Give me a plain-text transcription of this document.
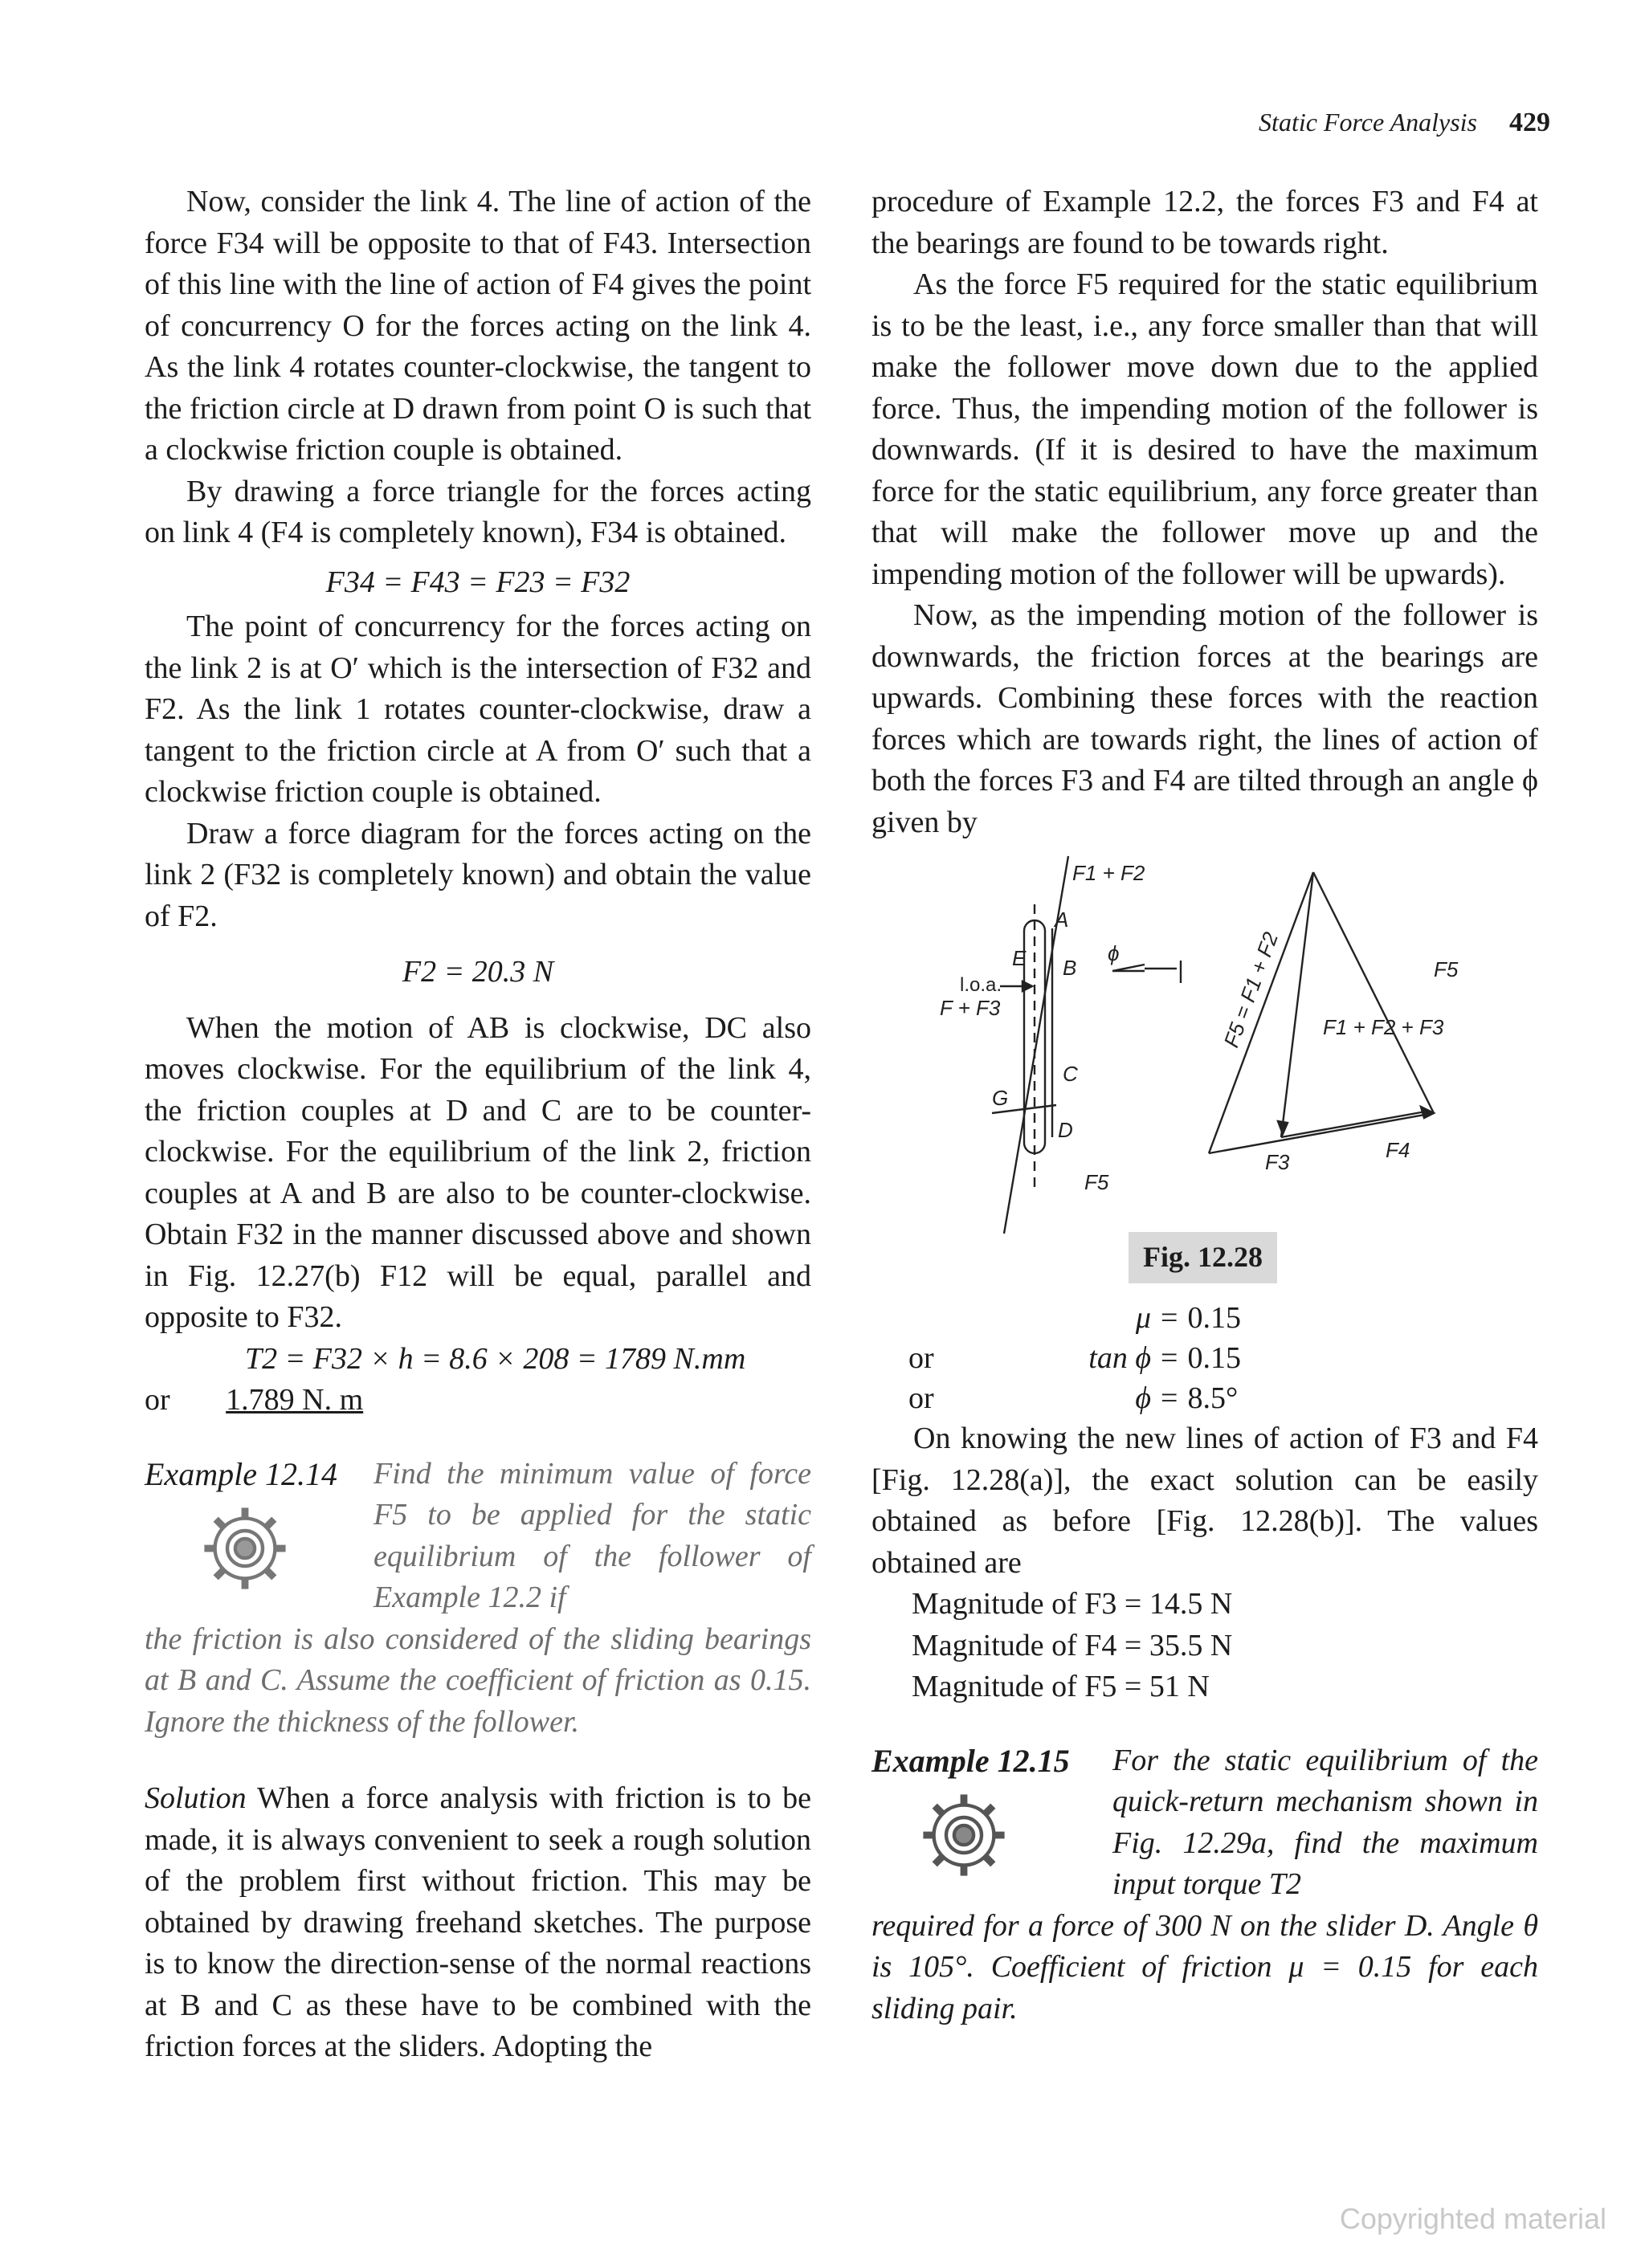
Static Force Analysis 429

Now, consider the link 4. The line of action of the force F34 will be opposite to that of F43. Intersection of this line with the line of action of F4 gives the point of concurrency O for the forces acting on the link 4. As the link 4 rotates counter-clockwise, the tangent to the friction circle at D drawn from point O is such that a clockwise friction couple is obtained.

By drawing a force triangle for the forces acting on link 4 (F4 is completely known), F34 is obtained.

F34 = F43 = F23 = F32

The point of concurrency for the forces acting on the link 2 is at O′ which is the intersection of F32 and F2. As the link 1 rotates counter-clockwise, draw a tangent to the friction circle at A from O′ such that a clockwise friction couple is obtained.

Draw a force diagram for the forces acting on the link 2 (F32 is completely known) and obtain the value of F2.

F2 = 20.3 N

When the motion of AB is clockwise, DC also moves clockwise. For the equilibrium of the link 4, the friction couples at D and C are to be counter-clockwise. For the equilibrium of the link 2, friction couples at A and B are also to be counter-clockwise. Obtain F32 in the manner discussed above and shown in Fig. 12.27(b) F12 will be equal, parallel and opposite to F32.

T2 = F32 × h = 8.6 × 208 = 1789 N.mm

or 1.789 N. m

Example 12.14	Find the minimum value of force F5 to be applied for the static equilibrium of the follower of Example 12.2 if

the friction is also considered of the sliding bearings at B and C. Assume the coefficient of friction as 0.15. Ignore the thickness of the follower.

Solution When a force analysis with friction is to be made, it is always convenient to seek a rough solution of the problem first without friction. This may be obtained by drawing freehand sketches. The purpose is to know the direction-sense of the normal reactions at B and C as these have to be combined with the friction forces at the sliders. Adopting the

procedure of Example 12.2, the forces F3 and F4 at the bearings are found to be towards right.

As the force F5 required for the static equilibrium is to be the least, i.e., any force smaller than that will make the follower move down due to the applied force. Thus, the impending motion of the follower is downwards. (If it is desired to have the maximum force for the static equilibrium, any force greater than that will make the follower move up and the impending motion of the follower will be upwards).

Now, as the impending motion of the follower is downwards, the friction forces at the bearings are upwards. Combining these forces with the reaction forces which are towards right, the lines of action of both the forces F3 and F4 are tilted through an angle ϕ given by

F1 + F2
A
B
C
D
E
G
l.o.a.
F + F3
F5
ϕ	F5 = F1 + F2	F5
F1 + F2 + F3
F3	F4
Fig. 12.28
	μ	=	0.15
or	tan ϕ	=	0.15
or	ϕ	=	8.5°

On knowing the new lines of action of F3 and F4 [Fig. 12.28(a)], the exact solution can be easily obtained as before [Fig. 12.28(b)]. The values obtained are

Magnitude of F3 = 14.5 N

Magnitude of F4 = 35.5 N

Magnitude of F5 = 51 N

Example 12.15	For the static equilibrium of the quick-return mechanism shown in Fig. 12.29a, find the maximum input torque T2

required for a force of 300 N on the slider D. Angle θ is 105°. Coefficient of friction μ = 0.15 for each sliding pair.

Copyrighted material
